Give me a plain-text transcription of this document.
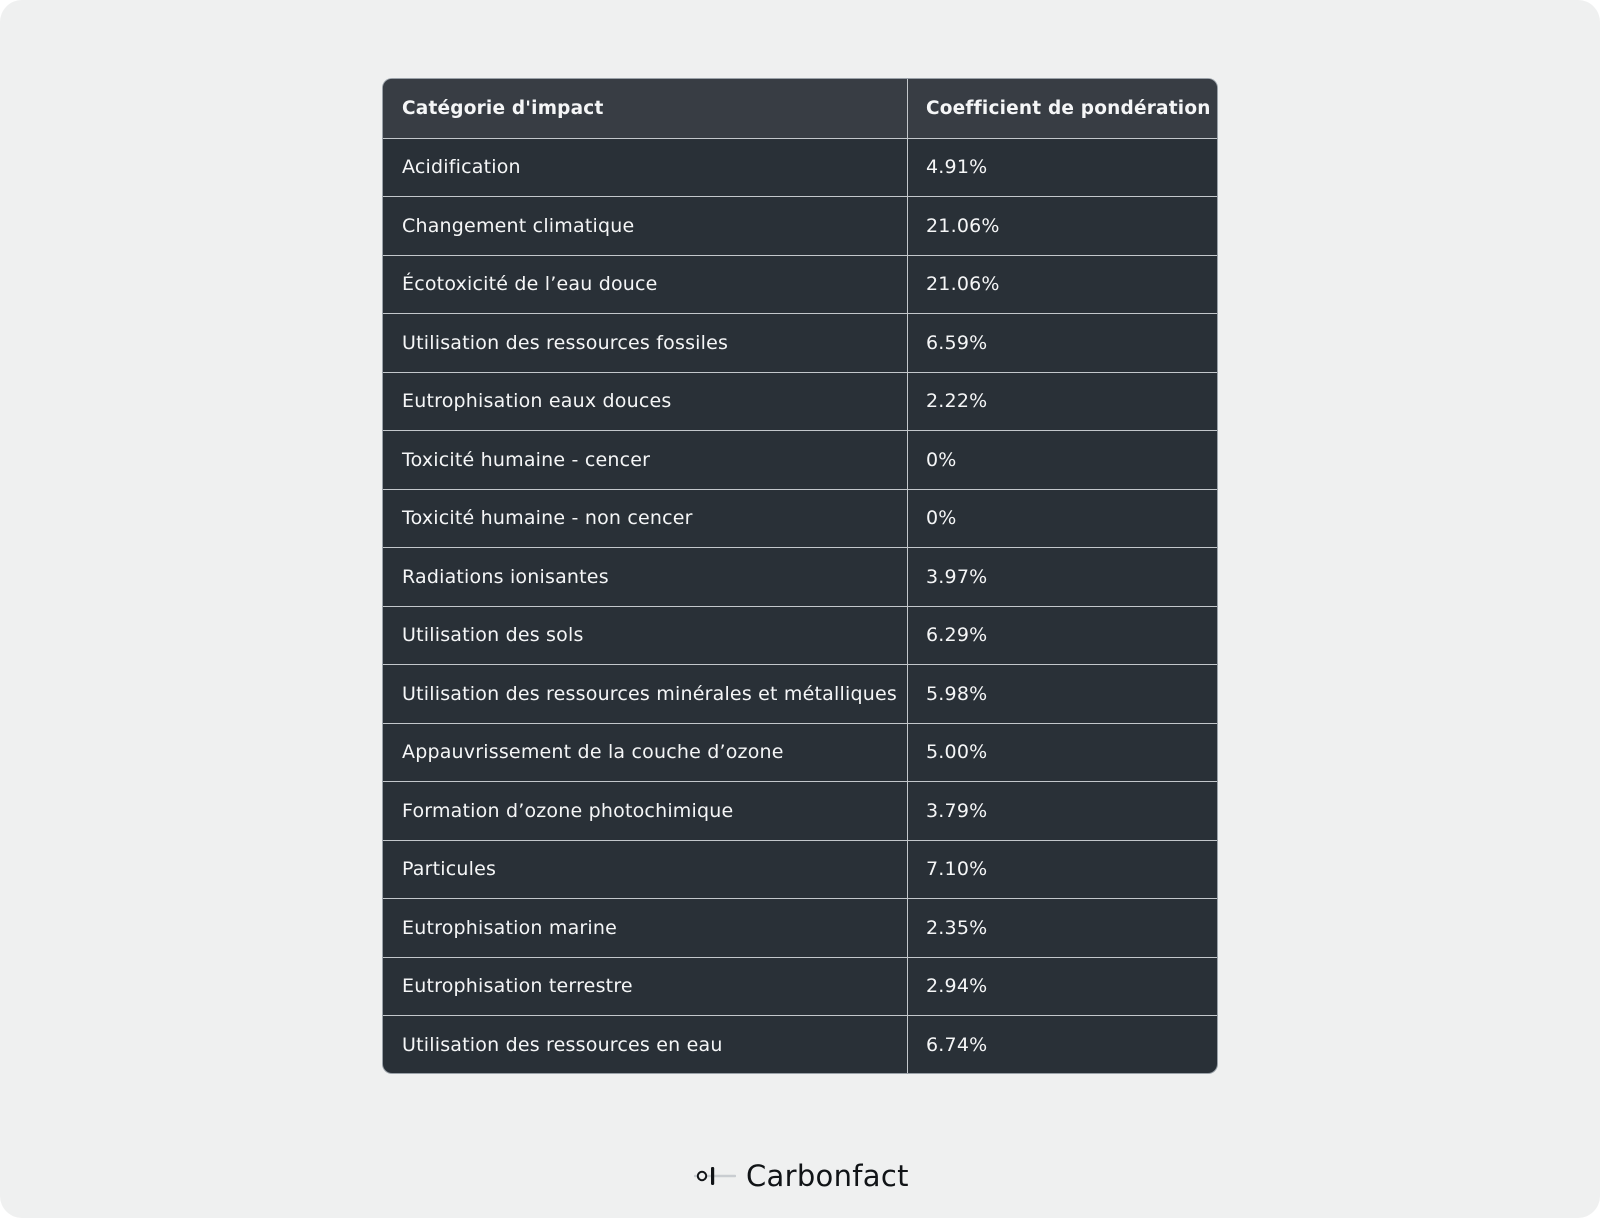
Catégorie d'impact	Coefficient de pondération
Acidification	4.91%
Changement climatique	21.06%
Écotoxicité de l’eau douce	21.06%
Utilisation des ressources fossiles	6.59%
Eutrophisation eaux douces	2.22%
Toxicité humaine - cencer	0%
Toxicité humaine - non cencer	0%
Radiations ionisantes	3.97%
Utilisation des sols	6.29%
Utilisation des ressources minérales et métalliques	5.98%
Appauvrissement de la couche d’ozone	5.00%
Formation d’ozone photochimique	3.79%
Particules	7.10%
Eutrophisation marine	2.35%
Eutrophisation terrestre	2.94%
Utilisation des ressources en eau	6.74%
Carbonfact
